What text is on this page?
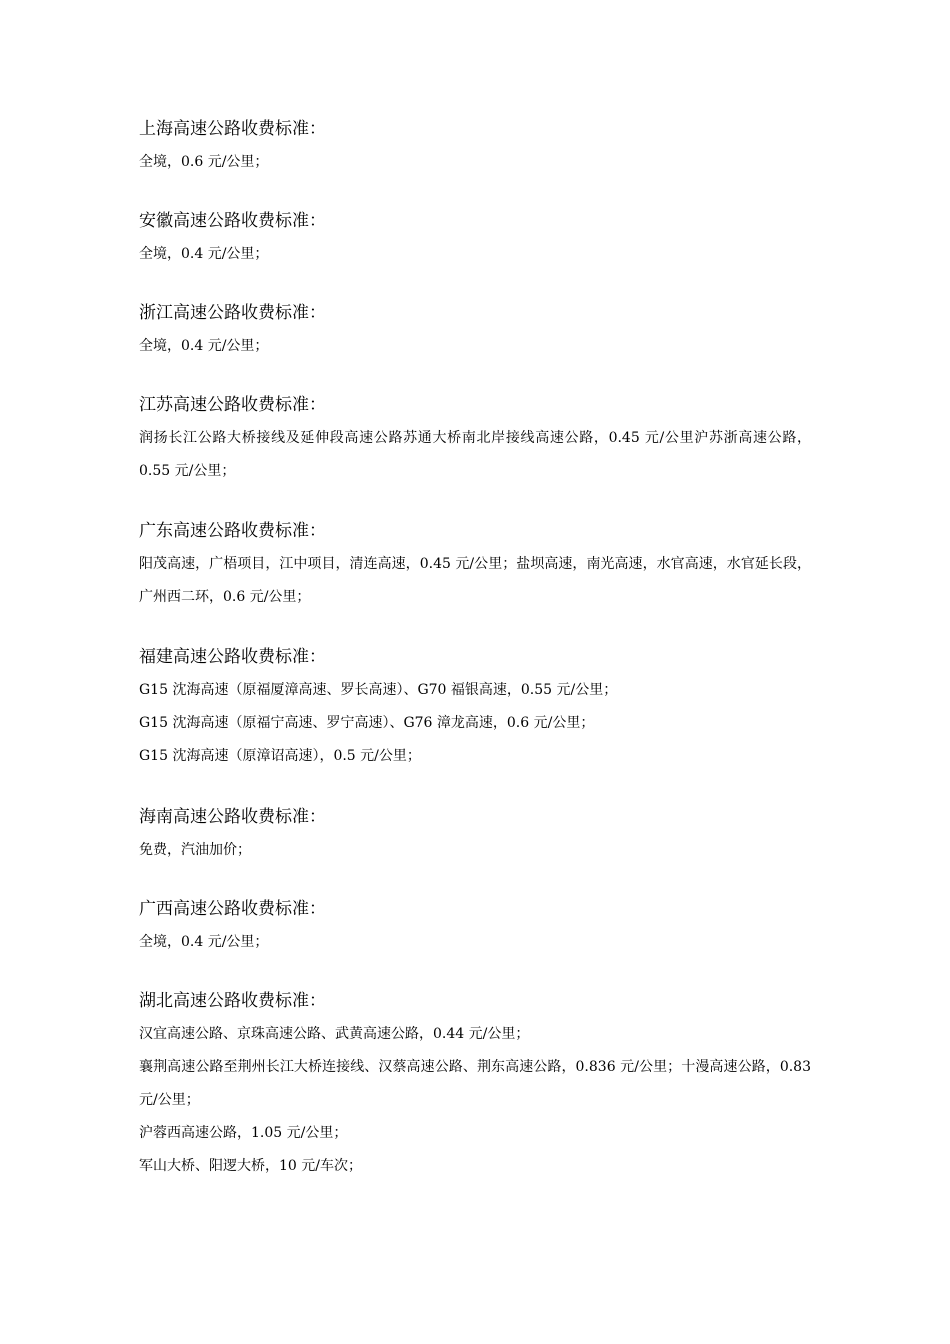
上海高速公路收费标准：
全境，0.6 元/公里；
安徽高速公路收费标准：
全境，0.4 元/公里；
浙江高速公路收费标准：
全境，0.4 元/公里；
江苏高速公路收费标准：
润扬长江公路大桥接线及延伸段高速公路苏通大桥南北岸接线高速公路，0.45 元/公里沪苏浙高速公路，0.55 元/公里；
广东高速公路收费标准：
阳茂高速，广梧项目，江中项目，清连高速，0.45 元/公里；盐坝高速，南光高速，水官高速，水官延长段，广州西二环，0.6 元/公里；
福建高速公路收费标准：
G15 沈海高速（原福厦漳高速、罗长高速）、G70 福银高速，0.55 元/公里；
G15 沈海高速（原福宁高速、罗宁高速）、G76 漳龙高速，0.6 元/公里；
G15 沈海高速（原漳诏高速），0.5 元/公里；
海南高速公路收费标准：
免费，汽油加价；
广西高速公路收费标准：
全境，0.4 元/公里；
湖北高速公路收费标准：
汉宜高速公路、京珠高速公路、武黄高速公路，0.44 元/公里；
襄荆高速公路至荆州长江大桥连接线、汉蔡高速公路、荆东高速公路，0.836 元/公里；十漫高速公路，0.83 元/公里；
沪蓉西高速公路，1.05 元/公里；
军山大桥、阳逻大桥，10 元/车次；
